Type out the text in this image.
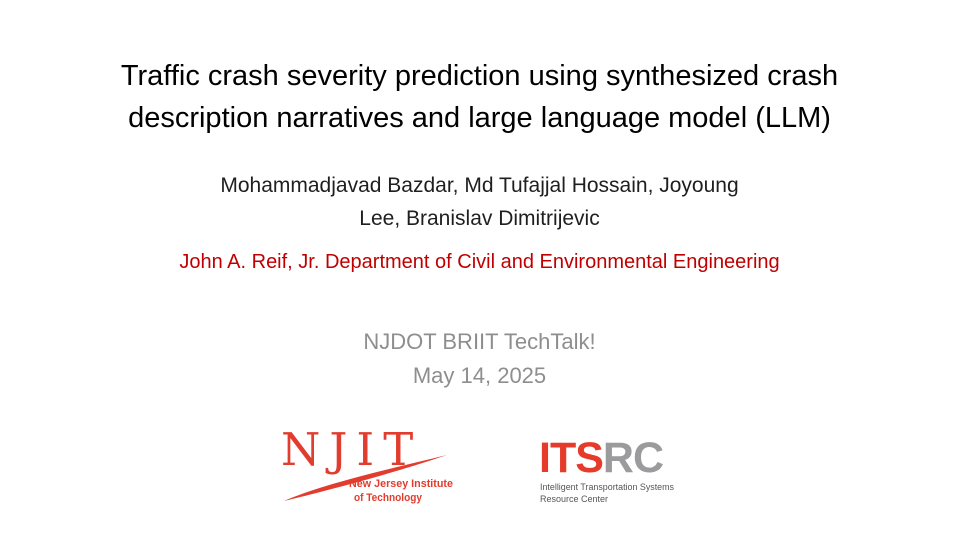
Traffic crash severity prediction using synthesized crash
description narratives and large language model (LLM)
Mohammadjavad Bazdar, Md Tufajjal Hossain, Joyoung
Lee, Branislav Dimitrijevic
John A. Reif, Jr. Department of Civil and Environmental Engineering
NJDOT BRIIT TechTalk!
May 14, 2025
NJIT
New Jersey Institute
of Technology
ITSRC
Intelligent Transportation Systems
Resource Center
